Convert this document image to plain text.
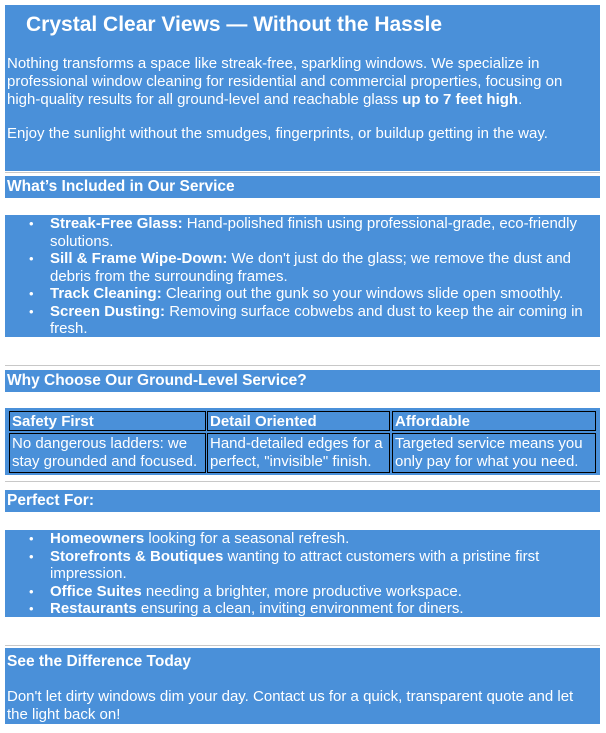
Crystal Clear Views — Without the Hassle

Nothing transforms a space like streak-free, sparkling windows. We specialize in professional window cleaning for residential and commercial properties, focusing on high-quality results for all ground-level and reachable glass up to 7 feet high.

Enjoy the sunlight without the smudges, fingerprints, or buildup getting in the way.

What’s Included in Our Service
• Streak-Free Glass: Hand-polished finish using professional-grade, eco-friendly solutions.
• Sill & Frame Wipe-Down: We don't just do the glass; we remove the dust and debris from the surrounding frames.
• Track Cleaning: Clearing out the gunk so your windows slide open smoothly.
• Screen Dusting: Removing surface cobwebs and dust to keep the air coming in fresh.
Why Choose Our Ground-Level Service?
Safety First	Detail Oriented	Affordable
No dangerous ladders: we stay grounded and focused.
Hand-detailed edges for a perfect, "invisible" finish.
Targeted service means you only pay for what you need.
Perfect For:
• Homeowners looking for a seasonal refresh.
• Storefronts & Boutiques wanting to attract customers with a pristine first impression.
• Office Suites needing a brighter, more productive workspace.
• Restaurants ensuring a clean, inviting environment for diners.
See the Difference Today

Don't let dirty windows dim your day. Contact us for a quick, transparent quote and let the light back on!
